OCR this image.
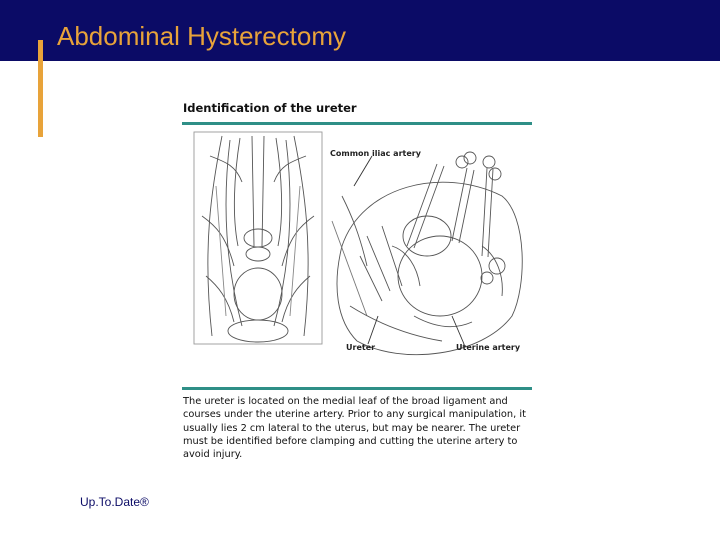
Abdominal Hysterectomy
Identification of the ureter
Common iliac artery
Ureter	Uterine artery
The ureter is located on the medial leaf of the broad ligament and courses under the uterine artery. Prior to any surgical manipulation, it usually lies 2 cm lateral to the uterus, but may be nearer. The ureter must be identified before clamping and cutting the uterine artery to avoid injury.
Up.To.Date®
